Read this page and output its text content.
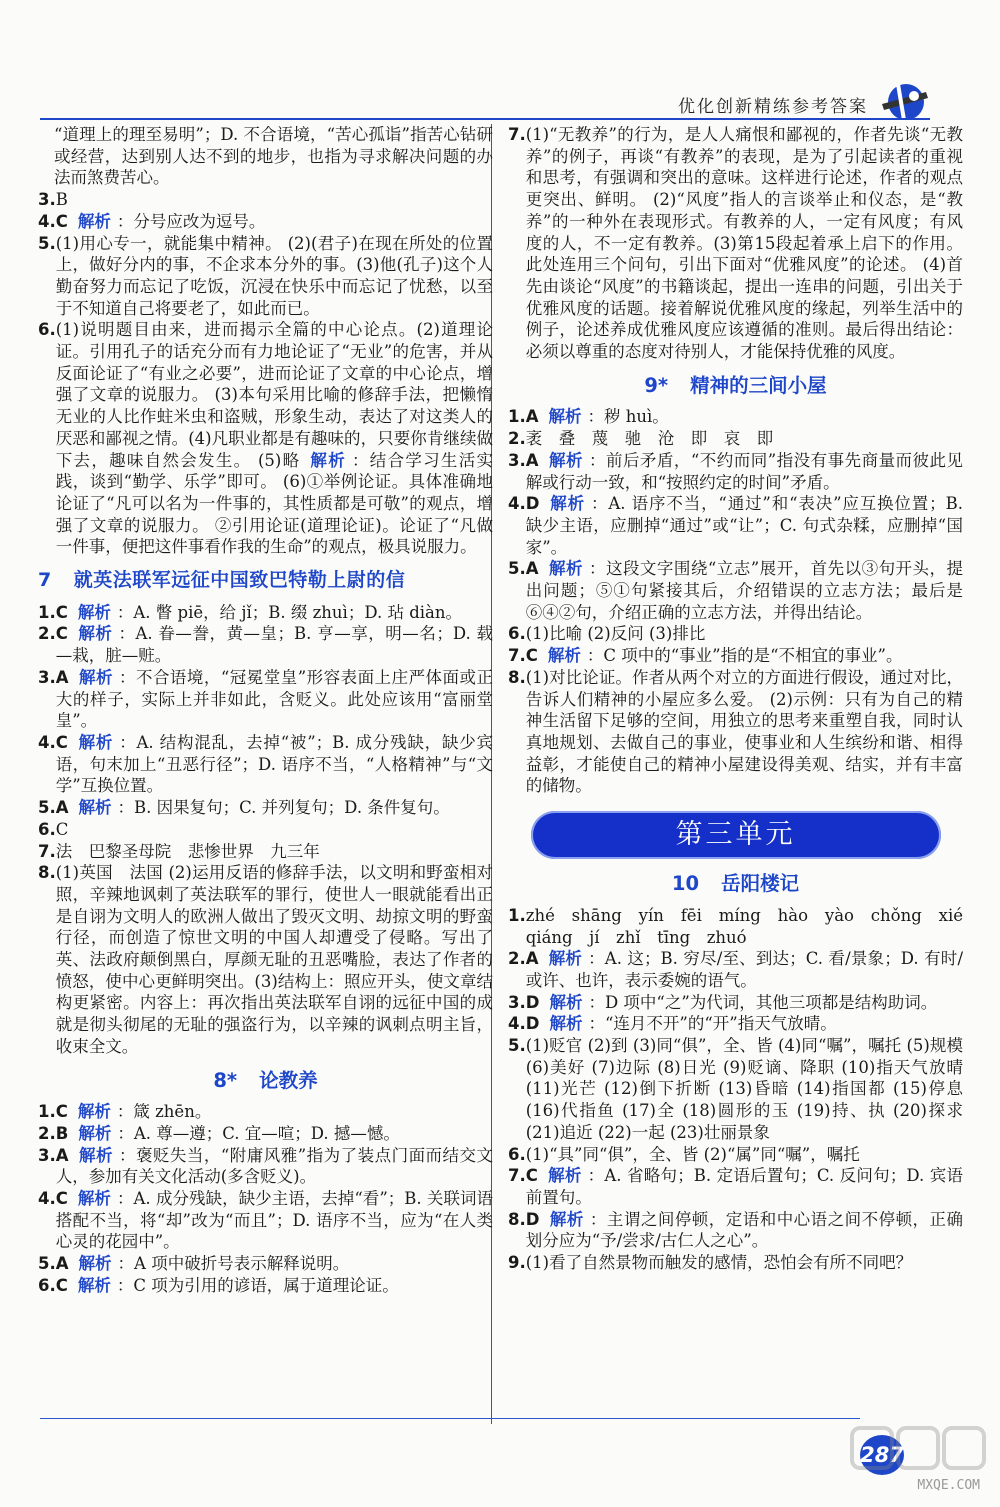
优化创新精练参考答案

“道理上的理至易明”；D. 不合语境，“苦心孤诣”指苦心钻研或经营，达到别人达不到的地步，也指为寻求解决问题的办法而煞费苦心。

3. B
4. C 解析 ：分号应改为逗号。
5. (1)用心专一，就能集中精神。 (2)(君子)在现在所处的位置上，做好分内的事，不企求本分外的事。(3)他(孔子)这个人勤奋努力而忘记了吃饭，沉浸在快乐中而忘记了忧愁，以至于不知道自己将要老了，如此而已。
6. (1)说明题目由来，进而揭示全篇的中心论点。(2)道理论证。引用孔子的话充分而有力地论证了“无业”的危害，并从反面论证了“有业之必要”，进而论证了文章的中心论点，增强了文章的说服力。 (3)本句采用比喻的修辞手法，把懒惰无业的人比作蛀米虫和盗贼，形象生动，表达了对这类人的厌恶和鄙视之情。(4)凡职业都是有趣味的，只要你肯继续做下去，趣味自然会发生。 (5)略 解析 ：结合学习生活实践，谈到“勤学、乐学”即可。 (6)①举例论证。具体准确地论证了“凡可以名为一件事的，其性质都是可敬”的观点，增强了文章的说服力。 ②引用论证(道理论证)。论证了“凡做一件事，便把这件事看作我的生命”的观点，极具说服力。
7 就英法联军远征中国致巴特勒上尉的信
1. C 解析 ：A. 瞥 piē，给 jǐ；B. 缀 zhuì；D. 玷 diàn。
2. C 解析 ：A. 眷—誊，黄—皇；B. 亨—享，明—名；D. 载—栽，脏—赃。
3. A 解析 ：不合语境，“冠冕堂皇”形容表面上庄严体面或正大的样子，实际上并非如此，含贬义。此处应该用“富丽堂皇”。
4. C 解析 ：A. 结构混乱，去掉“被”；B. 成分残缺，缺少宾语，句末加上“丑恶行径”；D. 语序不当，“人格精神”与“文学”互换位置。
5. A 解析 ：B. 因果复句；C. 并列复句；D. 条件复句。
6. C
7. 法　巴黎圣母院　悲惨世界　九三年
8. (1)英国　法国 (2)运用反语的修辞手法，以文明和野蛮相对照，辛辣地讽刺了英法联军的罪行，使世人一眼就能看出正是自诩为文明人的欧洲人做出了毁灭文明、劫掠文明的野蛮行径，而创造了惊世文明的中国人却遭受了侵略。写出了英、法政府颠倒黑白，厚颜无耻的丑恶嘴脸，表达了作者的愤怒，使中心更鲜明突出。(3)结构上：照应开头，使文章结构更紧密。内容上：再次指出英法联军自诩的远征中国的成就是彻头彻尾的无耻的强盗行为，以辛辣的讽刺点明主旨，收束全文。
8* 论教养
1. C 解析 ：箴 zhēn。
2. B 解析 ：A. 尊—遵；C. 宜—喧；D. 撼—憾。
3. A 解析 ：褒贬失当，“附庸风雅”指为了装点门面而结交文人，参加有关文化活动(多含贬义)。
4. C 解析 ：A. 成分残缺，缺少主语，去掉“看”；B. 关联词语搭配不当，将“却”改为“而且”；D. 语序不当，应为“在人类心灵的花园中”。
5. A 解析 ：A 项中破折号表示解释说明。
6. C 解析 ：C 项为引用的谚语，属于道理论证。
7. (1)“无教养”的行为，是人人痛恨和鄙视的，作者先谈“无教养”的例子，再谈“有教养”的表现，是为了引起读者的重视和思考，有强调和突出的意味。这样进行论述，作者的观点更突出、鲜明。 (2)“风度”指人的言谈举止和仪态，是“教养”的一种外在表现形式。有教养的人，一定有风度；有风度的人，不一定有教养。(3)第15段起着承上启下的作用。此处连用三个问句，引出下面对“优雅风度”的论述。 (4)首先由谈论“风度”的书籍谈起，提出一连串的问题，引出关于优雅风度的话题。接着解说优雅风度的缘起，列举生活中的例子，论述养成优雅风度应该遵循的准则。最后得出结论：必须以尊重的态度对待别人，才能保持优雅的风度。
9* 精神的三间小屋
1. A 解析 ：秽 huì。
2. 袤　叠　蔑　驰　沧　即　哀　即
3. A 解析 ：前后矛盾，“不约而同”指没有事先商量而彼此见解或行动一致，和“按照约定的时间”矛盾。
4. D 解析 ：A. 语序不当，“通过”和“表决”应互换位置；B. 缺少主语，应删掉“通过”或“让”；C. 句式杂糅，应删掉“国家”。
5. A 解析 ：这段文字围绕“立志”展开，首先以③句开头，提出问题；⑤①句紧接其后，介绍错误的立志方法；最后是⑥④②句，介绍正确的立志方法，并得出结论。
6. (1)比喻 (2)反问 (3)排比
7. C 解析 ：C 项中的“事业”指的是“不相宜的事业”。
8. (1)对比论证。作者从两个对立的方面进行假设，通过对比，告诉人们精神的小屋应多么爱。 (2)示例：只有为自己的精神生活留下足够的空间，用独立的思考来重塑自我，同时认真地规划、去做自己的事业，使事业和人生缤纷和谐、相得益彰，才能使自己的精神小屋建设得美观、结实，并有丰富的储物。
第三单元
10 岳阳楼记
1. zhé　shāng　yín　fēi　míng　hào　yào　chǒng　xié　qiáng　jí　zhǐ　tīng　zhuó
2. A 解析 ：A. 这；B. 穷尽/至、到达；C. 看/景象；D. 有时/或许、也许，表示委婉的语气。
3. D 解析 ：D 项中“之”为代词，其他三项都是结构助词。
4. D 解析 ：“连月不开”的“开”指天气放晴。
5. (1)贬官 (2)到 (3)同“俱”，全、皆 (4)同“嘱”，嘱托 (5)规模 (6)美好 (7)边际 (8)日光 (9)贬谪、降职 (10)指天气放晴 (11)光芒 (12)倒下折断 (13)昏暗 (14)指国都 (15)停息 (16)代指鱼 (17)全 (18)圆形的玉 (19)持、执 (20)探求 (21)追近 (22)一起 (23)壮丽景象
6. (1)“具”同“俱”，全、皆 (2)“属”同“嘱”，嘱托
7. C 解析 ：A. 省略句；B. 定语后置句；C. 反问句；D. 宾语前置句。
8. D 解析 ：主谓之间停顿，定语和中心语之间不停顿，正确划分应为“予/尝求/古仁人之心”。
9. (1)看了自然景物而触发的感情，恐怕会有所不同吧？
287
MXQE.COM
